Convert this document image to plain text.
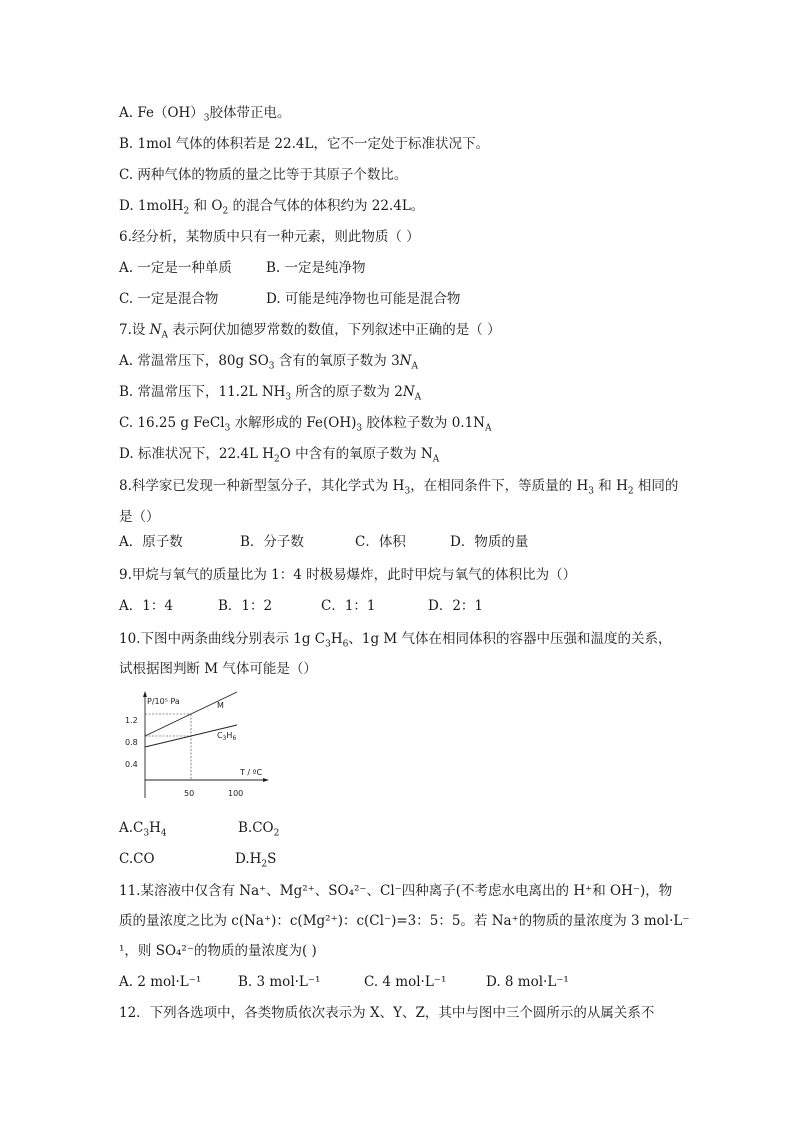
A. $Fe(OH)_3$胶体带正电。
B. 1mol 气体的体积若是 22.4L，它不一定处于标准状况下。
C. 两种气体的物质的量之比等于其原子个数比。
D. 1molH$_2$ 和 $O_2$ 的混合气体的体积约为 22.4L。
6.经分析，某物质中只有一种元素，则此物质（ ）
A. 一定是一种单质	B. 一定是纯净物
C. 一定是混合物	D. 可能是纯净物也可能是混合物
7.设 $N_A$ 表示阿伏加德罗常数的数值，下列叙述中正确的是（ ）
A. 常温常压下，80g $SO_3$ 含有的氧原子数为 $3N_A$
B. 常温常压下，11.2L $NH_3$ 所含的原子数为 $2N_A$
C. 16.25 g FeCl$_3$ 水解形成的 $Fe(OH)_3$ 胶体粒子数为 $0.1N_A$
D. 标准状况下，22.4L $H_2O$ 中含有的氧原子数为 $N_A$
8.科学家已发现一种新型氢分子，其化学式为 $H_3$，在相同条件下，等质量的 $H_3$ 和 $H_2$ 相同的
是（）
A．原子数	B．分子数	C．体积	D．物质的量
9.甲烷与氧气的质量比为 1：4 时极易爆炸，此时甲烷与氧气的体积比为（）
A．1：4	B．1：2	C．1：1	D．2：1
10.下图中两条曲线分别表示 1g $C_3H_6$、1g M 气体在相同体积的容器中压强和温度的关系，
试根据图判断 M 气体可能是（）
P/10⁵ Pa
T / ºC
1.2
0.8
0.4
50	100
M
$C_3H_6$
$A.C_3H_4$	$B.CO_2$
C.CO	$D.H_2S$
11.某溶液中仅含有 Na⁺、Mg²⁺、SO₄²⁻、Cl⁻四种离子(不考虑水电离出的 H⁺和 OH⁻)，物
质的量浓度之比为 c(Na⁺)：c(Mg²⁺)：c(Cl⁻)=3：5：5。若 Na⁺的物质的量浓度为 3 mol·L⁻
¹，则 SO₄²⁻的物质的量浓度为( )
A. 2 mol·L⁻¹	B. 3 mol·L⁻¹	C. 4 mol·L⁻¹	D. 8 mol·L⁻¹
12．下列各选项中，各类物质依次表示为 X、Y、Z，其中与图中三个圆所示的从属关系不
